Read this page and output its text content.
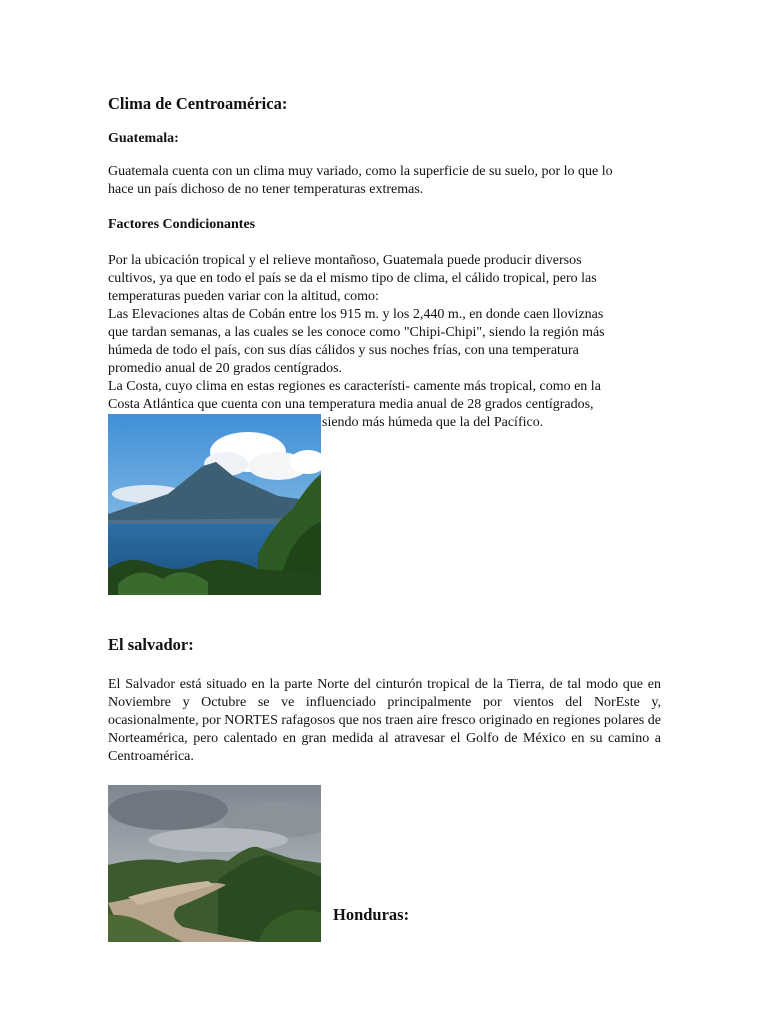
Clima de Centroamérica:
Guatemala:
Guatemala cuenta con un clima muy variado, como la superficie de su suelo, por lo que lo
hace un país dichoso de no tener temperaturas extremas.
Factores Condicionantes
Por la ubicación tropical y el relieve montañoso, Guatemala puede producir diversos
cultivos, ya que en todo el país se da el mismo tipo de clima, el cálido tropical, pero las
temperaturas pueden variar con la altitud, como:
Las Elevaciones altas de Cobán entre los 915 m. y los 2,440 m., en donde caen lloviznas
que tardan semanas, a las cuales se les conoce como "Chipi-Chipi", siendo la región más
húmeda de todo el país, con sus días cálidos y sus noches frías, con una temperatura
promedio anual de 20 grados centígrados.
La Costa, cuyo clima en estas regiones es característi- camente más tropical, como en la
Costa Atlántica que cuenta con una temperatura media anual de 28 grados centígrados,
siendo más húmeda que la del Pacífico.
El salvador:

El Salvador está situado en la parte Norte del cinturón tropical de la Tierra, de tal modo que en Noviembre y Octubre se ve influenciado principalmente por vientos del NorEste y, ocasionalmente, por NORTES rafagosos que nos traen aire fresco originado en regiones polares de Norteamérica, pero calentado en gran medida al atravesar el Golfo de México en su camino a Centroamérica.

Honduras:
